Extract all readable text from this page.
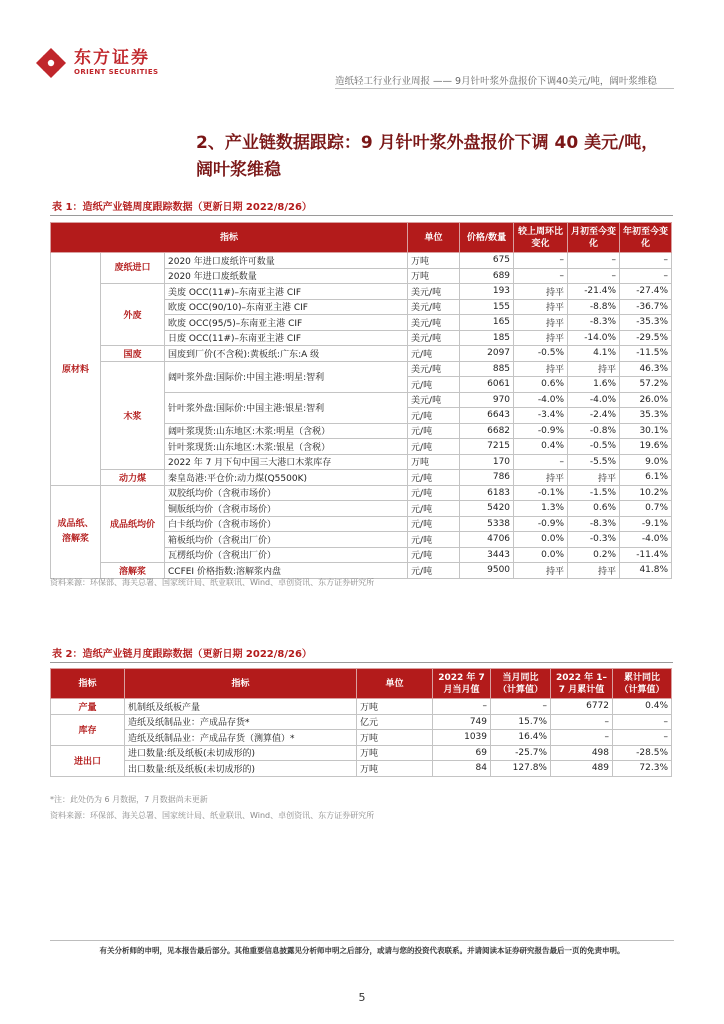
东方证券
ORIENT SECURITIES
造纸轻工行业行业周报 —— 9月针叶浆外盘报价下调40美元/吨，阔叶浆维稳
2、产业链数据跟踪：9 月针叶浆外盘报价下调 40 美元/吨，阔叶浆维稳
表 1：造纸产业链周度跟踪数据（更新日期 2022/8/26）
指标			单位	价格/数量	较上周环比变化	月初至今变化	年初至今变化
原材料	废纸进口	2020 年进口废纸许可数量	万吨	675	–	–	–
		2020 年进口废纸数量	万吨	689	–	–	–
	外废	美废 OCC(11#)–东南亚主港 CIF	美元/吨	193	持平	-21.4%	-27.4%
		欧废 OCC(90/10)–东南亚主港 CIF	美元/吨	155	持平	-8.8%	-36.7%
		欧废 OCC(95/5)–东南亚主港 CIF	美元/吨	165	持平	-8.3%	-35.3%
		日废 OCC(11#)–东南亚主港 CIF	美元/吨	185	持平	-14.0%	-29.5%
	国废	国废到厂价(不含税):黄板纸:广东:A 级	元/吨	2097	-0.5%	4.1%	-11.5%
	木浆	阔叶浆外盘:国际价:中国主港:明星:智利	美元/吨	885	持平	持平	46.3%
			元/吨	6061	0.6%	1.6%	57.2%
		针叶浆外盘:国际价:中国主港:银星:智利	美元/吨	970	-4.0%	-4.0%	26.0%
			元/吨	6643	-3.4%	-2.4%	35.3%
		阔叶浆现货:山东地区:木浆:明星（含税）	元/吨	6682	-0.9%	-0.8%	30.1%
		针叶浆现货:山东地区:木浆:银星（含税）	元/吨	7215	0.4%	-0.5%	19.6%
		2022 年 7 月下旬中国三大港口木浆库存	万吨	170	–	-5.5%	9.0%
	动力煤	秦皇岛港:平仓价:动力煤(Q5500K)	元/吨	786	持平	持平	6.1%
成品纸、溶解浆	成品纸均价	双胶纸均价（含税市场价）	元/吨	6183	-0.1%	-1.5%	10.2%
		铜版纸均价（含税市场价）	元/吨	5420	1.3%	0.6%	0.7%
		白卡纸均价（含税市场价）	元/吨	5338	-0.9%	-8.3%	-9.1%
		箱板纸均价（含税出厂价）	元/吨	4706	0.0%	-0.3%	-4.0%
		瓦楞纸均价（含税出厂价）	元/吨	3443	0.0%	0.2%	-11.4%
	溶解浆	CCFEI 价格指数:溶解浆内盘	元/吨	9500	持平	持平	41.8%
资料来源：环保部、海关总署、国家统计局、纸业联讯、Wind、卓创资讯、东方证券研究所
表 2：造纸产业链月度跟踪数据（更新日期 2022/8/26）
指标	指标	单位	2022 年 7 月当月值	当月同比（计算值）	2022 年 1–7 月累计值	累计同比（计算值）
产量	机制纸及纸板产量	万吨	–	–	6772	0.4%
库存	造纸及纸制品业：产成品存货*	亿元	749	15.7%	–	–
	造纸及纸制品业：产成品存货（测算值）*	万吨	1039	16.4%	–	–
进出口	进口数量:纸及纸板(未切成形的)	万吨	69	-25.7%	498	-28.5%
	出口数量:纸及纸板(未切成形的)	万吨	84	127.8%	489	72.3%
*注：此处仍为 6 月数据，7 月数据尚未更新
资料来源：环保部、海关总署、国家统计局、纸业联讯、Wind、卓创资讯、东方证券研究所
有关分析师的申明，见本报告最后部分。其他重要信息披露见分析师申明之后部分，或请与您的投资代表联系。并请阅读本证券研究报告最后一页的免责申明。
5
